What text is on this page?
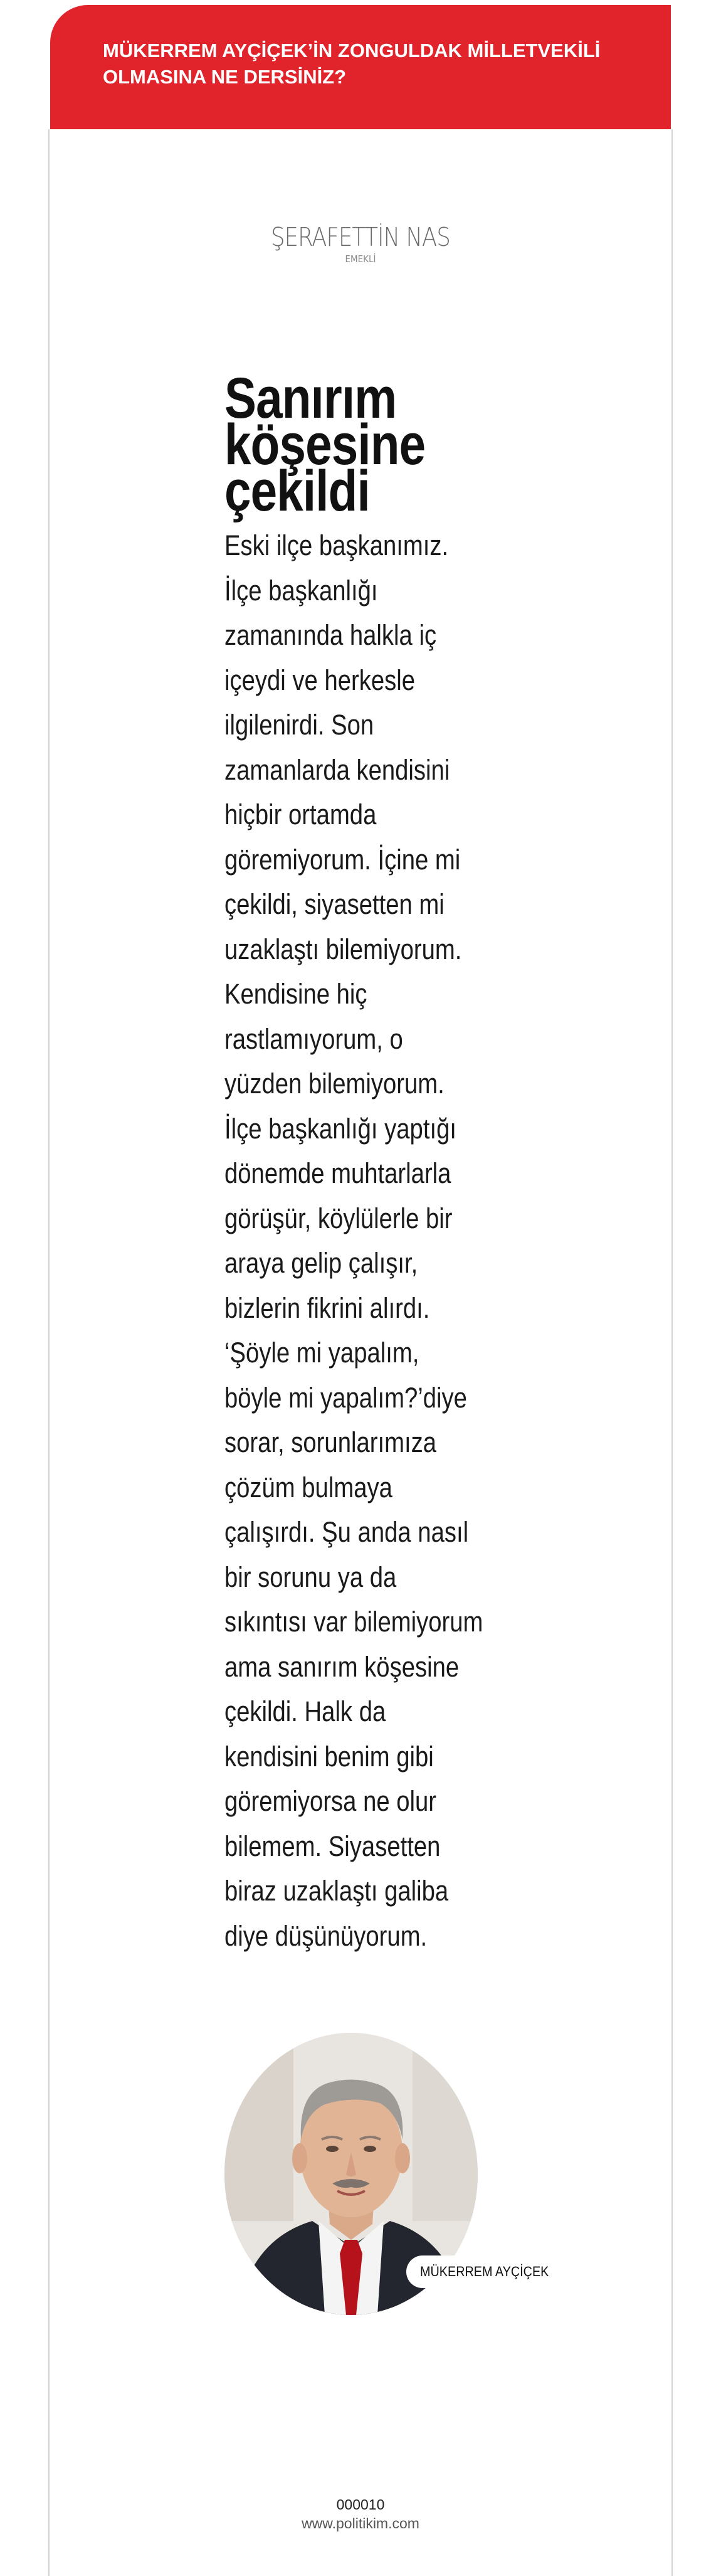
MÜKERREM AYÇİÇEK’İN ZONGULDAK MİLLETVEKİLİ
OLMASINA NE DERSİNİZ?

ŞERAFETTİN NAS
EMEKLİ
Sanırım
köşesine
çekildi

Eski ilçe başkanımız.
İlçe başkanlığı
zamanında halkla iç
içeydi ve herkesle
ilgilenirdi. Son
zamanlarda kendisini
hiçbir ortamda
göremiyorum. İçine mi
çekildi, siyasetten mi
uzaklaştı bilemiyorum.
Kendisine hiç
rastlamıyorum, o
yüzden bilemiyorum.
İlçe başkanlığı yaptığı
dönemde muhtarlarla
görüşür, köylülerle bir
araya gelip çalışır,
bizlerin fikrini alırdı.
‘Şöyle mi yapalım,
böyle mi yapalım?’diye
sorar, sorunlarımıza
çözüm bulmaya
çalışırdı. Şu anda nasıl
bir sorunu ya da
sıkıntısı var bilemiyorum
ama sanırım köşesine
çekildi. Halk da
kendisini benim gibi
göremiyorsa ne olur
bilemem. Siyasetten
biraz uzaklaştı galiba
diye düşünüyorum.

MÜKERREM AYÇİÇEK
000010
www.politikim.com
